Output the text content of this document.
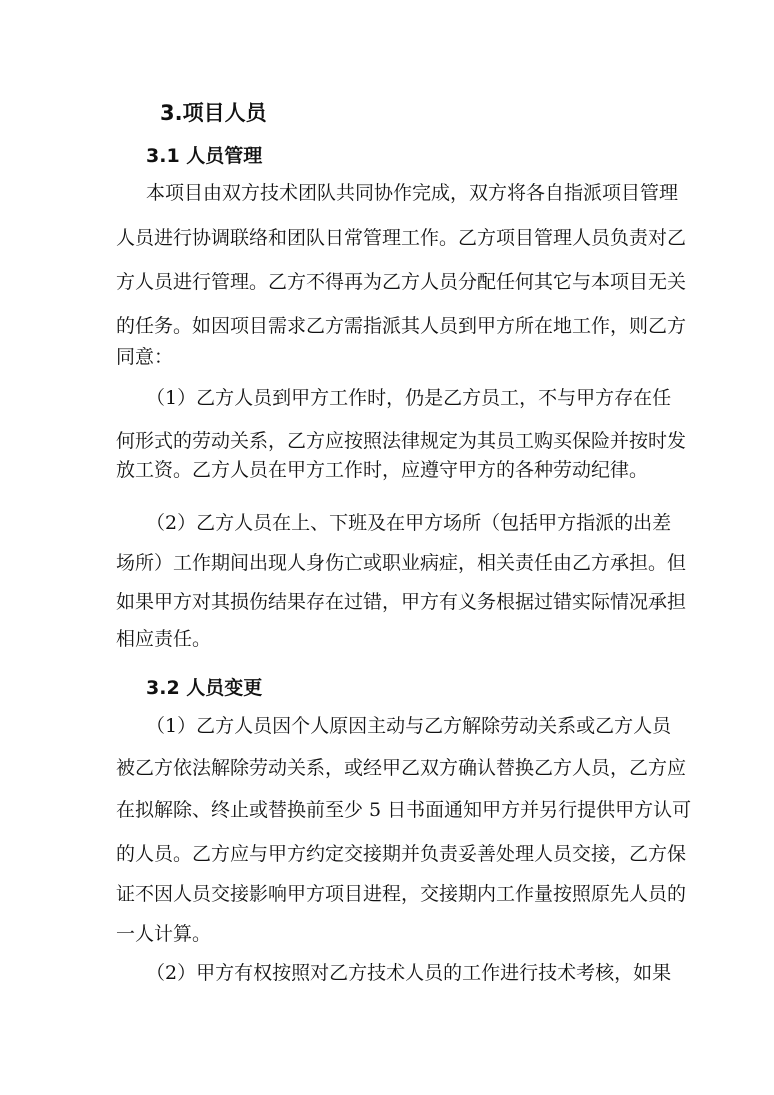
3.项目人员
3.1 人员管理
本项目由双方技术团队共同协作完成，双方将各自指派项目管理
人员进行协调联络和团队日常管理工作。乙方项目管理人员负责对乙
方人员进行管理。乙方不得再为乙方人员分配任何其它与本项目无关
的任务。如因项目需求乙方需指派其人员到甲方所在地工作，则乙方
同意：
（1）乙方人员到甲方工作时，仍是乙方员工，不与甲方存在任
何形式的劳动关系，乙方应按照法律规定为其员工购买保险并按时发
放工资。乙方人员在甲方工作时，应遵守甲方的各种劳动纪律。
（2）乙方人员在上、下班及在甲方场所（包括甲方指派的出差
场所）工作期间出现人身伤亡或职业病症，相关责任由乙方承担。但
如果甲方对其损伤结果存在过错，甲方有义务根据过错实际情况承担
相应责任。
3.2 人员变更
（1）乙方人员因个人原因主动与乙方解除劳动关系或乙方人员
被乙方依法解除劳动关系，或经甲乙双方确认替换乙方人员，乙方应
在拟解除、终止或替换前至少 5 日书面通知甲方并另行提供甲方认可
的人员。乙方应与甲方约定交接期并负责妥善处理人员交接，乙方保
证不因人员交接影响甲方项目进程，交接期内工作量按照原先人员的
一人计算。
（2）甲方有权按照对乙方技术人员的工作进行技术考核，如果
